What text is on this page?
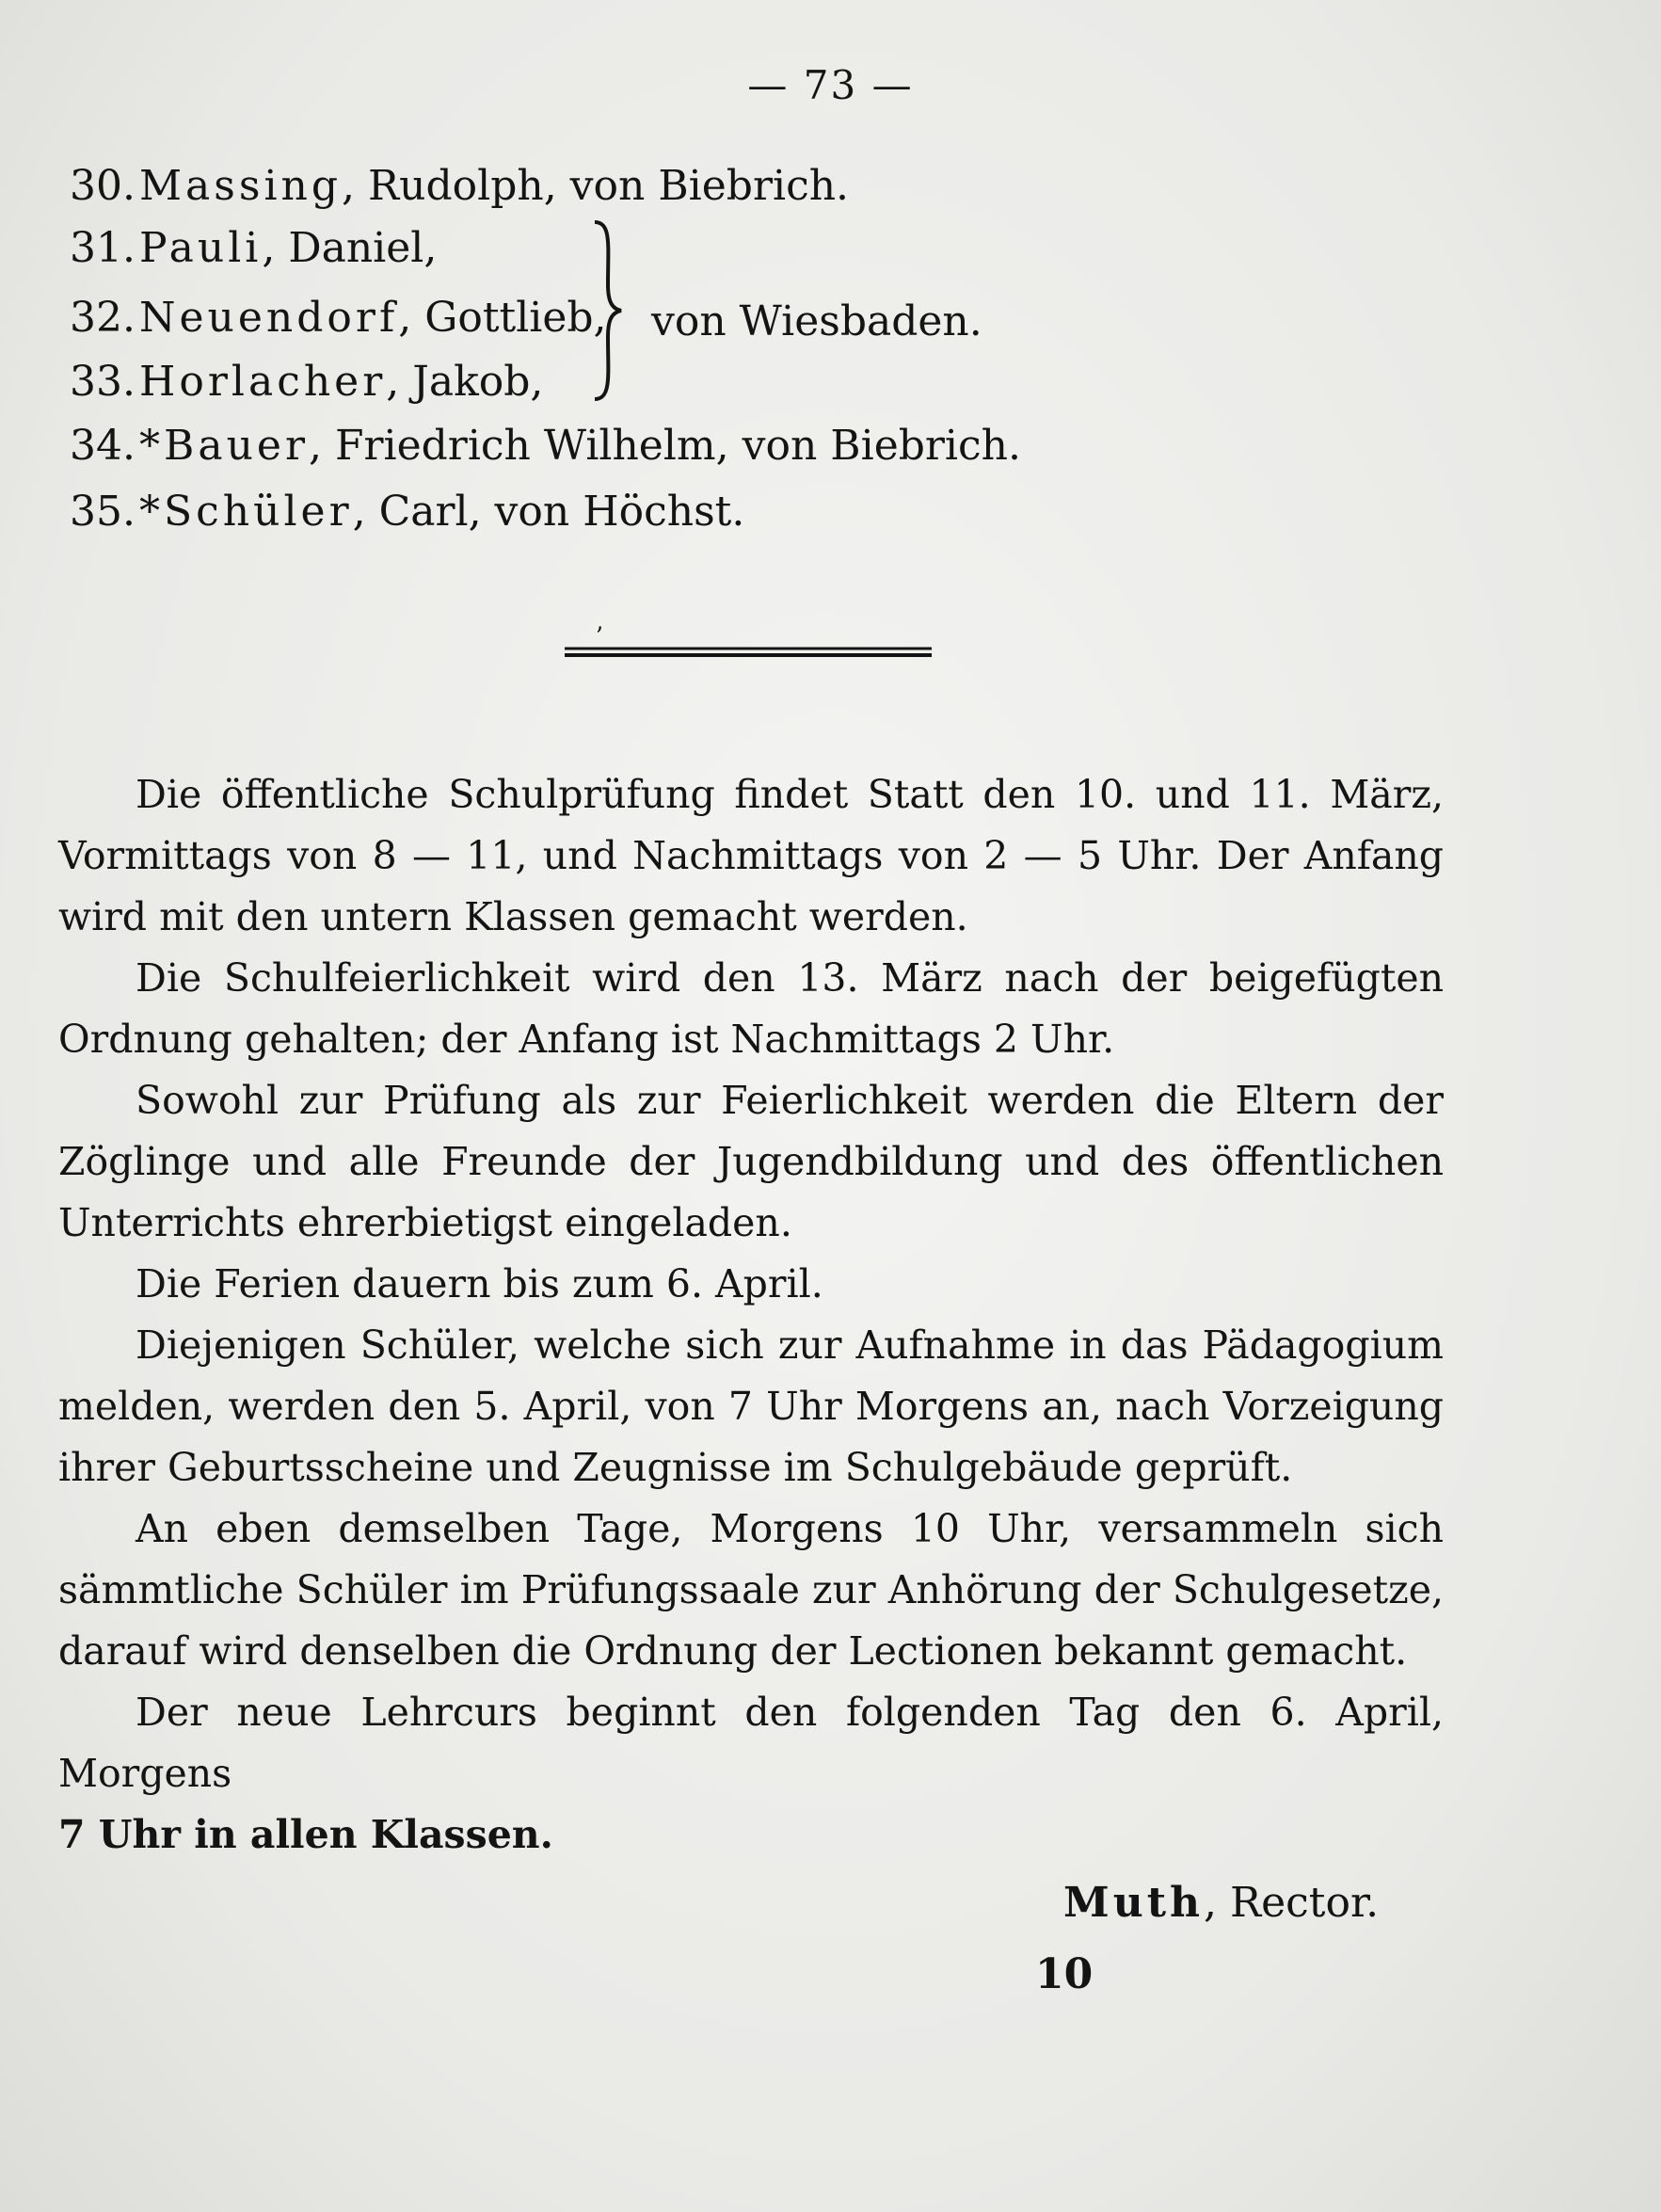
— 73 —
30.Massing, Rudolph, von Biebrich.
31.Pauli, Daniel,
32.Neuendorf, Gottlieb,
33.Horlacher, Jakob,
34.*Bauer, Friedrich Wilhelm, von Biebrich.
35.*Schüler, Carl, von Höchst.
von Wiesbaden.
ʼ

Die öffentliche Schulprüfung findet Statt den 10. und 11. März, Vormittags von 8 — 11, und Nachmittags von 2 — 5 Uhr. Der Anfang wird mit den untern Klassen gemacht werden.

Die Schulfeierlichkeit wird den 13. März nach der beigefügten Ordnung gehalten; der Anfang ist Nachmittags 2 Uhr.

Sowohl zur Prüfung als zur Feierlichkeit werden die Eltern der Zöglinge und alle Freunde der Jugendbildung und des öffentlichen Unterrichts ehrerbietigst eingeladen.

Die Ferien dauern bis zum 6. April.

Diejenigen Schüler, welche sich zur Aufnahme in das Pädagogium melden, werden den 5. April, von 7 Uhr Morgens an, nach Vorzeigung ihrer Geburtsscheine und Zeugnisse im Schulgebäude geprüft.

An eben demselben Tage, Morgens 10 Uhr, versammeln sich sämmtliche Schüler im Prüfungssaale zur Anhörung der Schulgesetze, darauf wird denselben die Ordnung der Lectionen bekannt gemacht.

Der neue Lehrcurs beginnt den folgenden Tag den 6. April, Morgens

7 Uhr in allen Klassen.

Muth, Rector.
10
